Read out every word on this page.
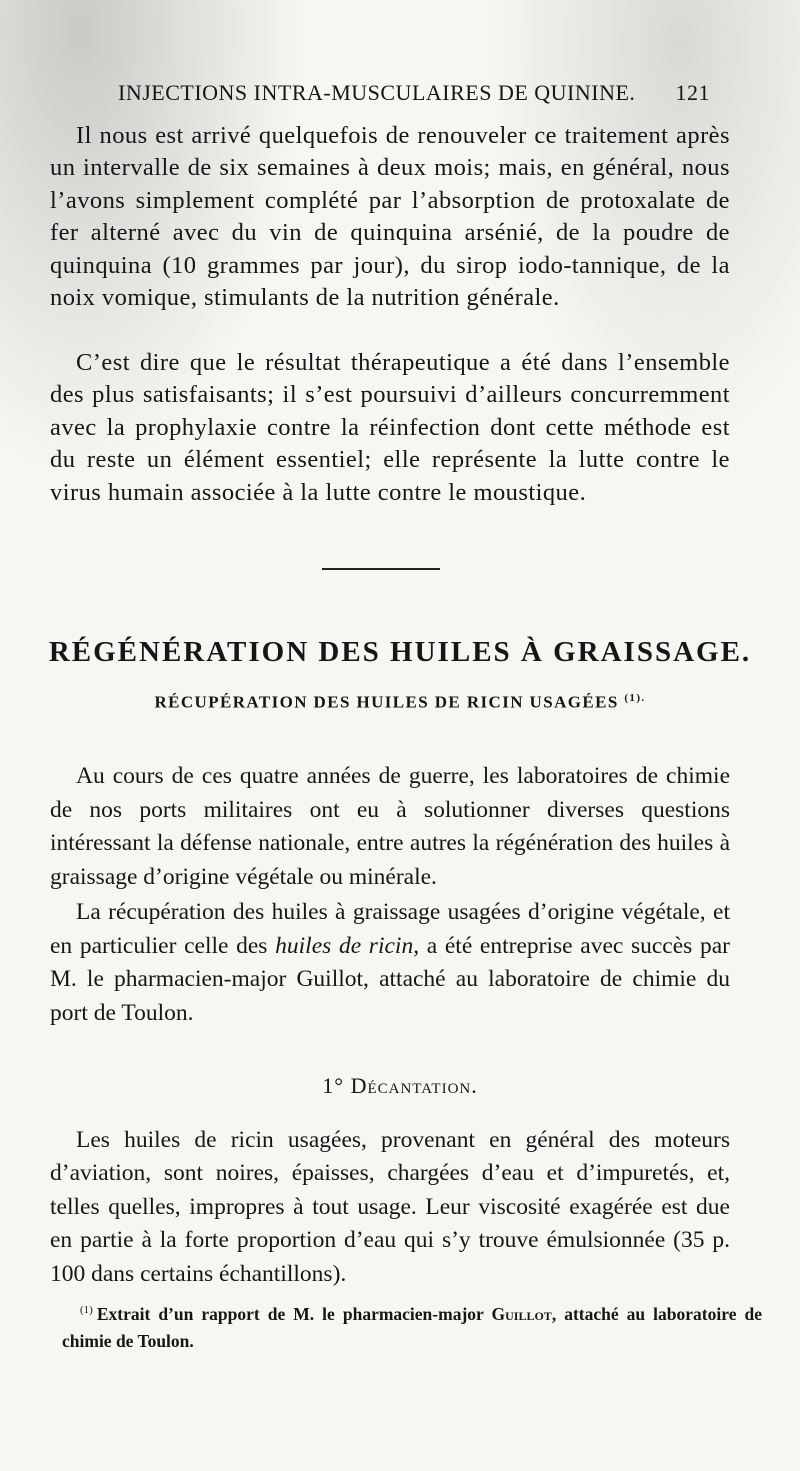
INJECTIONS INTRA-MUSCULAIRES DE QUININE. 121

Il nous est arrivé quelquefois de renouveler ce traitement après un intervalle de six semaines à deux mois; mais, en général, nous l’avons simplement complété par l’absorption de protoxalate de fer alterné avec du vin de quinquina arsénié, de la poudre de quinquina (10 grammes par jour), du sirop iodo-tannique, de la noix vomique, stimulants de la nutrition générale.

C’est dire que le résultat thérapeutique a été dans l’ensemble des plus satisfaisants; il s’est poursuivi d’ailleurs concurremment avec la prophylaxie contre la réinfection dont cette méthode est du reste un élément essentiel; elle représente la lutte contre le virus humain associée à la lutte contre le moustique.

RÉGÉNÉRATION DES HUILES À GRAISSAGE.
RÉCUPÉRATION DES HUILES DE RICIN USAGÉES $^{(1).}$

Au cours de ces quatre années de guerre, les laboratoires de chimie de nos ports militaires ont eu à solutionner diverses questions intéressant la défense nationale, entre autres la régénération des huiles à graissage d’origine végétale ou minérale.

La récupération des huiles à graissage usagées d’origine végétale, et en particulier celle des huiles de ricin, a été entreprise avec succès par M. le pharmacien-major Guillot, attaché au laboratoire de chimie du port de Toulon.

1° Décantation.

Les huiles de ricin usagées, provenant en général des moteurs d’aviation, sont noires, épaisses, chargées d’eau et d’impuretés, et, telles quelles, impropres à tout usage. Leur viscosité exagérée est due en partie à la forte proportion d’eau qui s’y trouve émulsionnée (35 p. 100 dans certains échantillons).

$^{(1)}$ Extrait d’un rapport de M. le pharmacien-major Guillot, attaché au laboratoire de chimie de Toulon.
